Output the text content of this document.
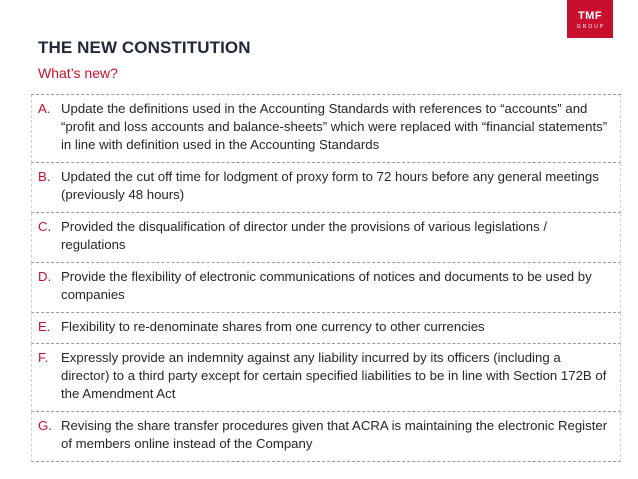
TMF
GROUP
THE NEW CONSTITUTION

What’s new?

A. Update the definitions used in the Accounting Standards with references to “accounts” and “profit and loss accounts and balance-sheets” which were replaced with “financial statements” in line with definition used in the Accounting Standards
B. Updated the cut off time for lodgment of proxy form to 72 hours before any general meetings (previously 48 hours)
C. Provided the disqualification of director under the provisions of various legislations / regulations
D. Provide the flexibility of electronic communications of notices and documents to be used by companies
E. Flexibility to re-denominate shares from one currency to other currencies
F. Expressly provide an indemnity against any liability incurred by its officers (including a director) to a third party except for certain specified liabilities to be in line with Section 172B of the Amendment Act
G. Revising the share transfer procedures given that ACRA is maintaining the electronic Register of members online instead of the Company
